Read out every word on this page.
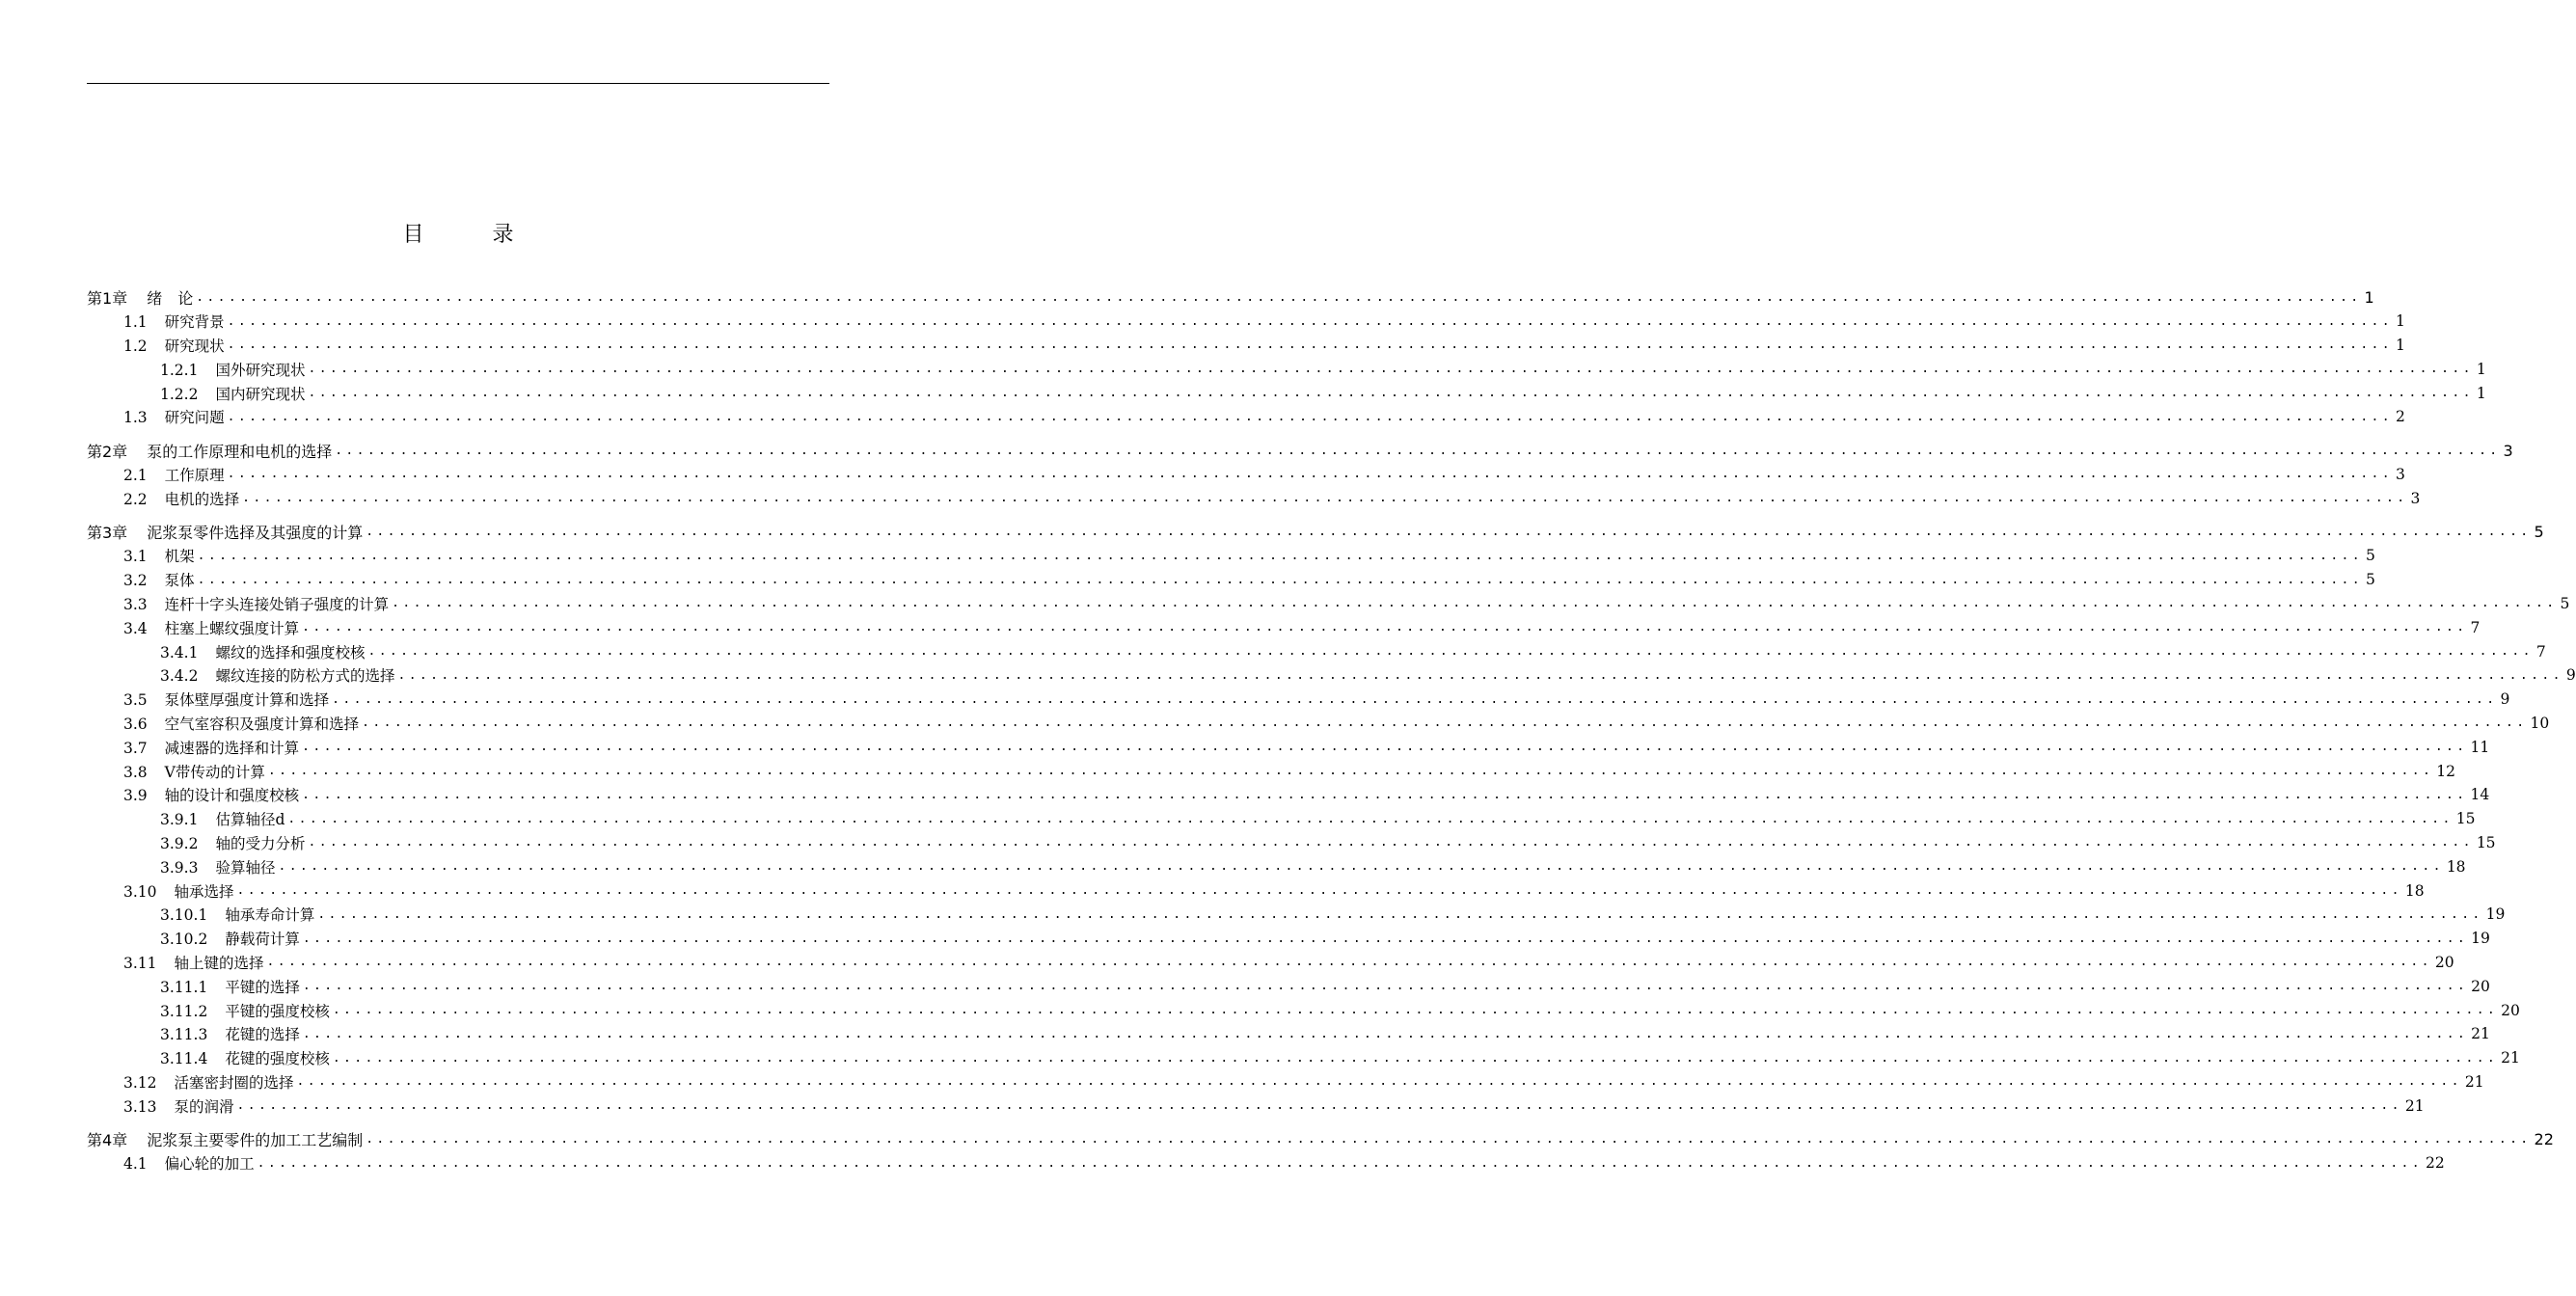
目 录
第1章 绪　论 ........................................................................................................................................................................................................ 1
1.1 研究背景 ........................................................................................................................................................................................................ 1
1.2 研究现状 ........................................................................................................................................................................................................ 1
1.2.1 国外研究现状 ........................................................................................................................................................................................................ 1
1.2.2 国内研究现状 ........................................................................................................................................................................................................ 1
1.3 研究问题 ........................................................................................................................................................................................................ 2
第2章 泵的工作原理和电机的选择 ........................................................................................................................................................................................................ 3
2.1 工作原理 ........................................................................................................................................................................................................ 3
2.2 电机的选择 ........................................................................................................................................................................................................ 3
第3章 泥浆泵零件选择及其强度的计算 ........................................................................................................................................................................................................ 5
3.1 机架 ........................................................................................................................................................................................................ 5
3.2 泵体 ........................................................................................................................................................................................................ 5
3.3 连杆十字头连接处销子强度的计算 ........................................................................................................................................................................................................ 5
3.4 柱塞上螺纹强度计算 ........................................................................................................................................................................................................ 7
3.4.1 螺纹的选择和强度校核 ........................................................................................................................................................................................................ 7
3.4.2 螺纹连接的防松方式的选择 ........................................................................................................................................................................................................ 9
3.5 泵体壁厚强度计算和选择 ........................................................................................................................................................................................................ 9
3.6 空气室容积及强度计算和选择 ........................................................................................................................................................................................................ 10
3.7 减速器的选择和计算 ........................................................................................................................................................................................................ 11
3.8 V带传动的计算 ........................................................................................................................................................................................................ 12
3.9 轴的设计和强度校核 ........................................................................................................................................................................................................ 14
3.9.1 估算轴径d ........................................................................................................................................................................................................ 15
3.9.2 轴的受力分析 ........................................................................................................................................................................................................ 15
3.9.3 验算轴径 ........................................................................................................................................................................................................ 18
3.10 轴承选择 ........................................................................................................................................................................................................ 18
3.10.1 轴承寿命计算 ........................................................................................................................................................................................................ 19
3.10.2 静载荷计算 ........................................................................................................................................................................................................ 19
3.11 轴上键的选择 ........................................................................................................................................................................................................ 20
3.11.1 平键的选择 ........................................................................................................................................................................................................ 20
3.11.2 平键的强度校核 ........................................................................................................................................................................................................ 20
3.11.3 花键的选择 ........................................................................................................................................................................................................ 21
3.11.4 花键的强度校核 ........................................................................................................................................................................................................ 21
3.12 活塞密封圈的选择 ........................................................................................................................................................................................................ 21
3.13 泵的润滑 ........................................................................................................................................................................................................ 21
第4章 泥浆泵主要零件的加工工艺编制 ........................................................................................................................................................................................................ 22
4.1 偏心轮的加工 ........................................................................................................................................................................................................ 22
